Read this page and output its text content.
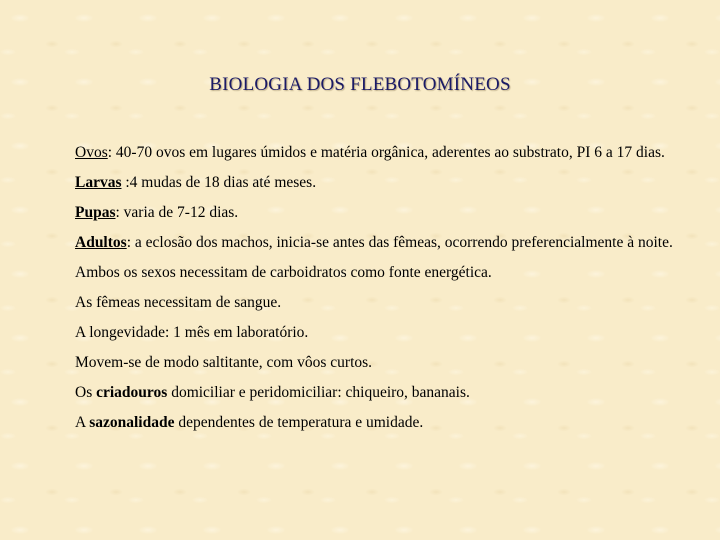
BIOLOGIA DOS FLEBOTOMÍNEOS

Ovos: 40-70 ovos em lugares úmidos e matéria orgânica, aderentes ao substrato, PI 6 a 17 dias.

Larvas :4 mudas de 18 dias até meses.

Pupas: varia de 7-12 dias.

Adultos: a eclosão dos machos, inicia-se antes das fêmeas, ocorrendo preferencialmente à noite.

Ambos os sexos necessitam de carboidratos como fonte energética.

As fêmeas necessitam de sangue.

A longevidade: 1 mês em laboratório.

Movem-se de modo saltitante, com vôos curtos.

Os criadouros domiciliar e peridomiciliar: chiqueiro, bananais.

A sazonalidade dependentes de temperatura e umidade.
